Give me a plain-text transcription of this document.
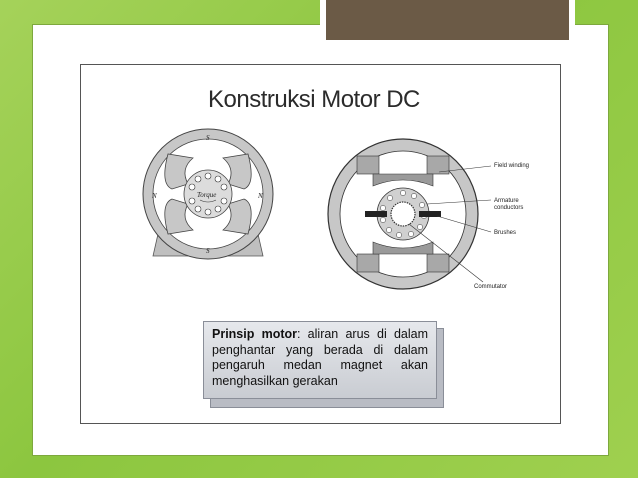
Konstruksi Motor DC
S
S
N	N
Torque
Field winding
Armature
conductors
Brushes
Commutator
Prinsip motor: aliran arus di dalam penghantar yang berada di dalam pengaruh medan magnet akan menghasilkan gerakan
